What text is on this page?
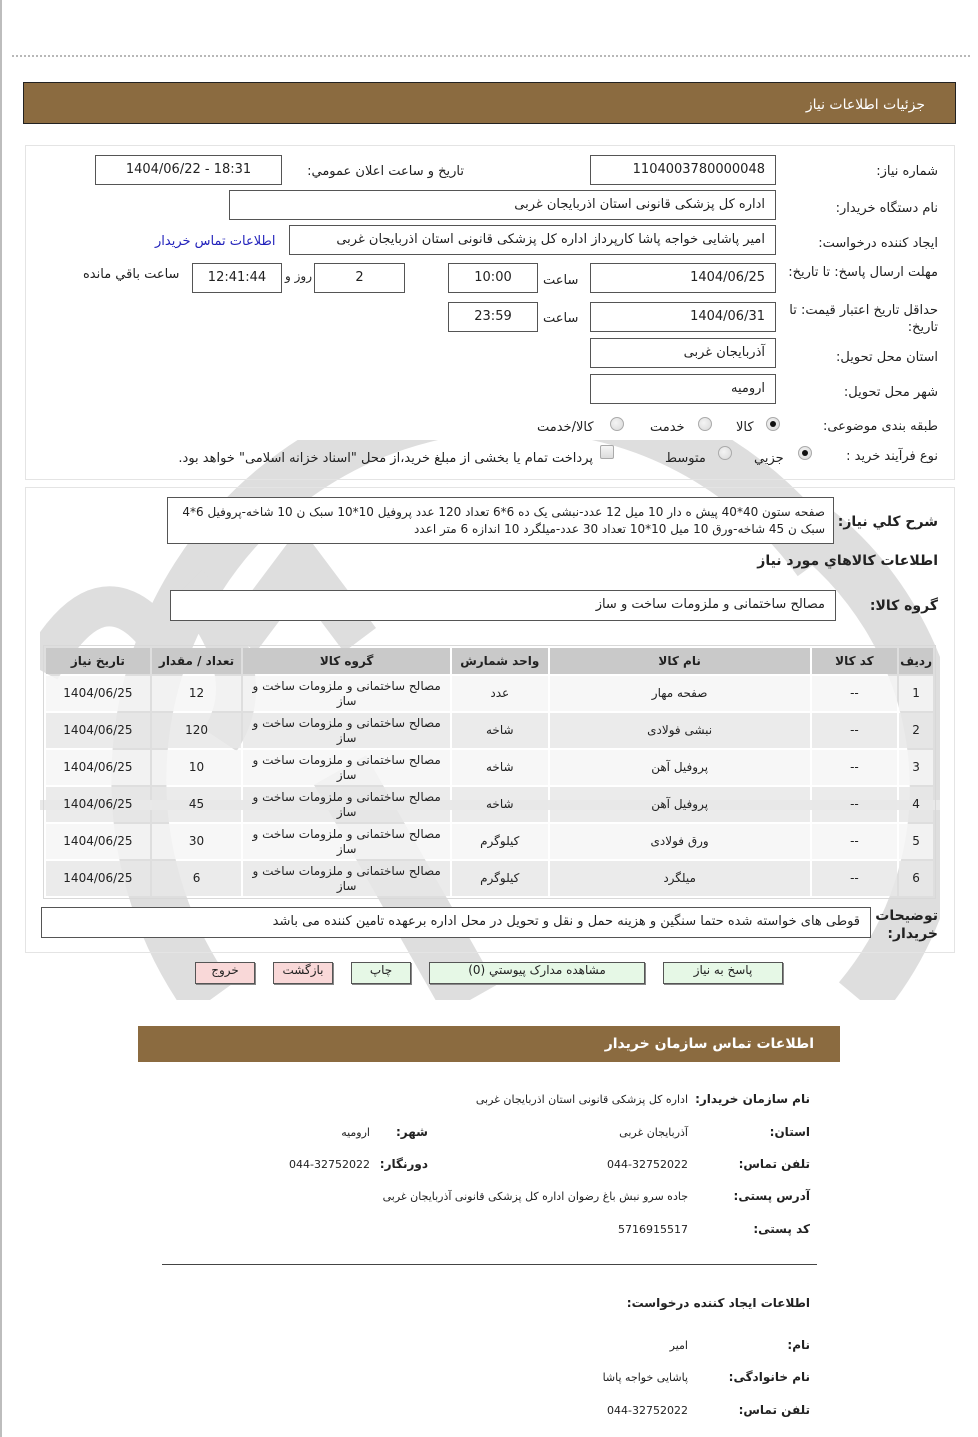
جزئیات اطلاعات نیاز
شماره نیاز:
1104003780000048
تاريخ و ساعت اعلان عمومي:
1404/06/22 - 18:31
نام دستگاه خریدار:
اداره کل پزشکی قانونی استان اذربایجان غربی
ایجاد کننده درخواست:
امیر پاشایی خواجه پاشا کارپرداز اداره کل پزشکی قانونی استان اذربایجان غربی
اطلاعات تماس خریدار
مهلت ارسال پاسخ: تا تاریخ:
1404/06/25
ساعت
10:00
2
روز و
12:41:44
ساعت باقي مانده
حداقل تاریخ اعتبار قیمت: تا تاریخ:
1404/06/31
ساعت
23:59
استان محل تحویل:
آذربایجان غربی
شهر محل تحویل:
ارومیه
طبقه بندی موضوعی:
کالا
خدمت
کالا/خدمت
نوع فرآیند خرید :
جزيي
متوسط
پرداخت تمام یا بخشی از مبلغ خرید،از محل "اسناد خزانه اسلامی" خواهد بود.
شرح كلي نياز:
صفحه ستون 40*40 پیش ه دار 10 میل 12 عدد-نبشی یک ده 6*6 تعداد 120 عدد پروفیل 10*10 سبک ن 10 شاخه-پروفیل 6*4 سبک ن 45 شاخه-ورق 10 میل 10*10 تعداد 30 عدد-میلگرد 10 اندازه 6 متر اعدد
اطلاعات كالاهاي مورد نياز
گروه کالا:
مصالح ساختمانی و ملزومات ساخت و ساز
رديف	کد کالا	نام کالا	واحد شمارش	گروه کالا	تعداد / مقدار	تاریخ نیاز
1	--	صفحه مهار	عدد	مصالح ساختمانی و ملزومات ساخت و ساز	12	1404/06/25
2	--	نبشی فولادی	شاخه	مصالح ساختمانی و ملزومات ساخت و ساز	120	1404/06/25
3	--	پروفیل آهن	شاخه	مصالح ساختمانی و ملزومات ساخت و ساز	10	1404/06/25
4	--	پروفیل آهن	شاخه	مصالح ساختمانی و ملزومات ساخت و ساز	45	1404/06/25
5	--	ورق فولادی	کیلوگرم	مصالح ساختمانی و ملزومات ساخت و ساز	30	1404/06/25
6	--	میلگرد	کیلوگرم	مصالح ساختمانی و ملزومات ساخت و ساز	6	1404/06/25
توضیحات خریدار:
قوطی های خواسته شده حتما سنگین و هزینه حمل و نقل و تحویل در محل اداره برعهده تامین کننده می باشد
پاسخ به نیاز
مشاهده مدارک پیوستي (0)
چاپ
بازگشت
خروج
اطلاعات تماس سازمان خریدار
نام سازمان خریدار:
اداره کل پزشکی قانونی استان اذربایجان غربی
استان:
آذربایجان غربی
شهر:
ارومیه
تلفن تماس:
044-32752022
دورنگار:
044-32752022
آدرس پستی:
جاده سرو نبش باغ رضوان اداره کل پزشکی قانونی آذربایجان غربی
کد پستی:
5716915517
اطلاعات ایجاد کننده درخواست:
نام:
امیر
نام خانوادگی:
پاشایی خواجه پاشا
تلفن تماس:
044-32752022
